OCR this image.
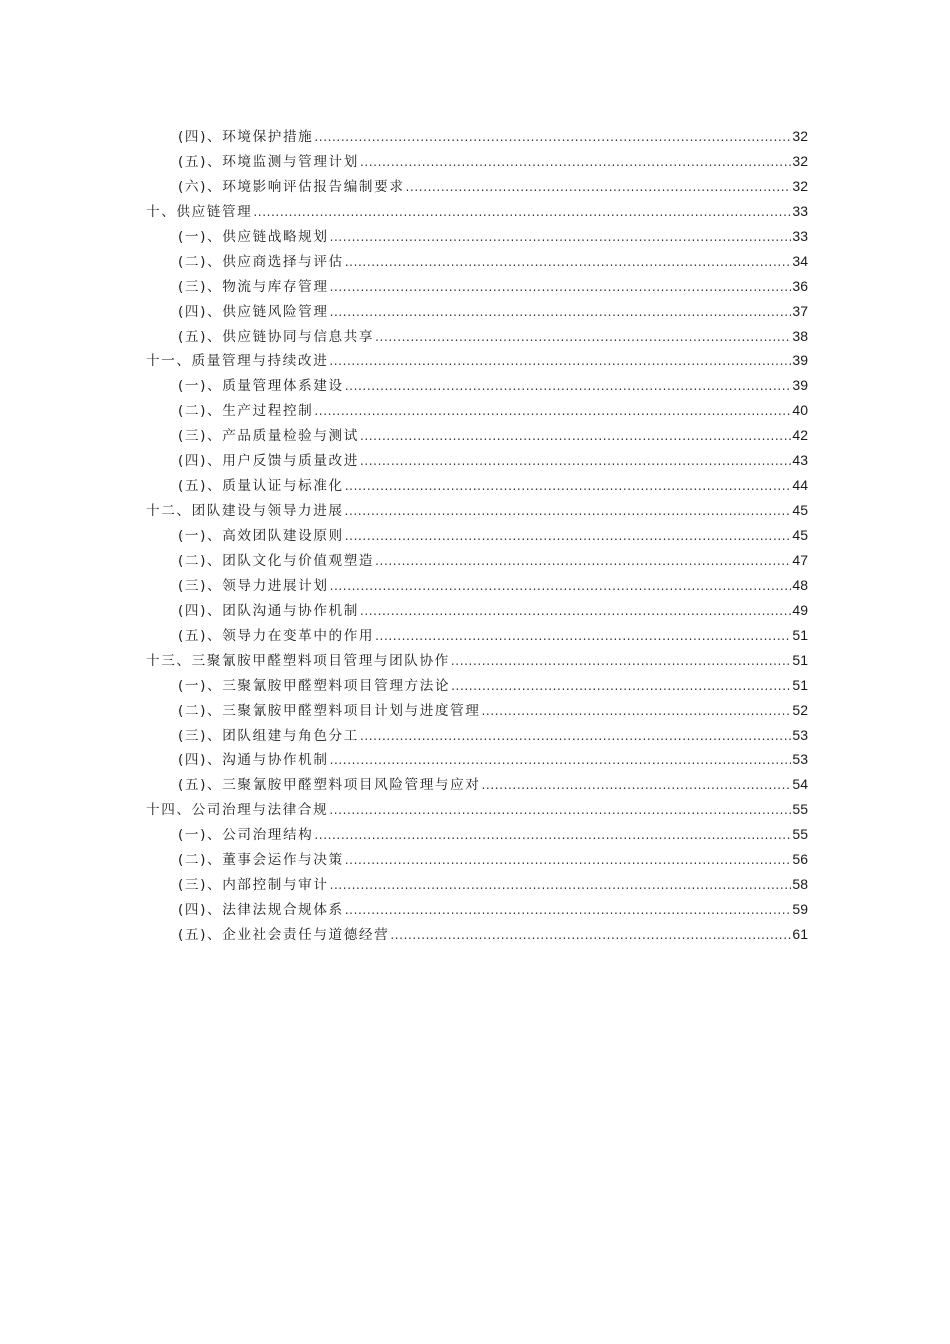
(四)、环境保护措施 .....	32
(五)、环境监测与管理计划 .....	32
(六)、环境影响评估报告编制要求 .....	32
十、供应链管理 .....	33
(一)、供应链战略规划 .....	33
(二)、供应商选择与评估 .....	34
(三)、物流与库存管理 .....	36
(四)、供应链风险管理 .....	37
(五)、供应链协同与信息共享 .....	38
十一、质量管理与持续改进 .....	39
(一)、质量管理体系建设 .....	39
(二)、生产过程控制 .....	40
(三)、产品质量检验与测试 .....	42
(四)、用户反馈与质量改进 .....	43
(五)、质量认证与标准化 .....	44
十二、团队建设与领导力进展 .....	45
(一)、高效团队建设原则 .....	45
(二)、团队文化与价值观塑造 .....	47
(三)、领导力进展计划 .....	48
(四)、团队沟通与协作机制 .....	49
(五)、领导力在变革中的作用 .....	51
十三、三聚氰胺甲醛塑料项目管理与团队协作 .....	51
(一)、三聚氰胺甲醛塑料项目管理方法论 .....	51
(二)、三聚氰胺甲醛塑料项目计划与进度管理 .....	52
(三)、团队组建与角色分工 .....	53
(四)、沟通与协作机制 .....	53
(五)、三聚氰胺甲醛塑料项目风险管理与应对 .....	54
十四、公司治理与法律合规 .....	55
(一)、公司治理结构 .....	55
(二)、董事会运作与决策 .....	56
(三)、内部控制与审计 .....	58
(四)、法律法规合规体系 .....	59
(五)、企业社会责任与道德经营 .....	61
